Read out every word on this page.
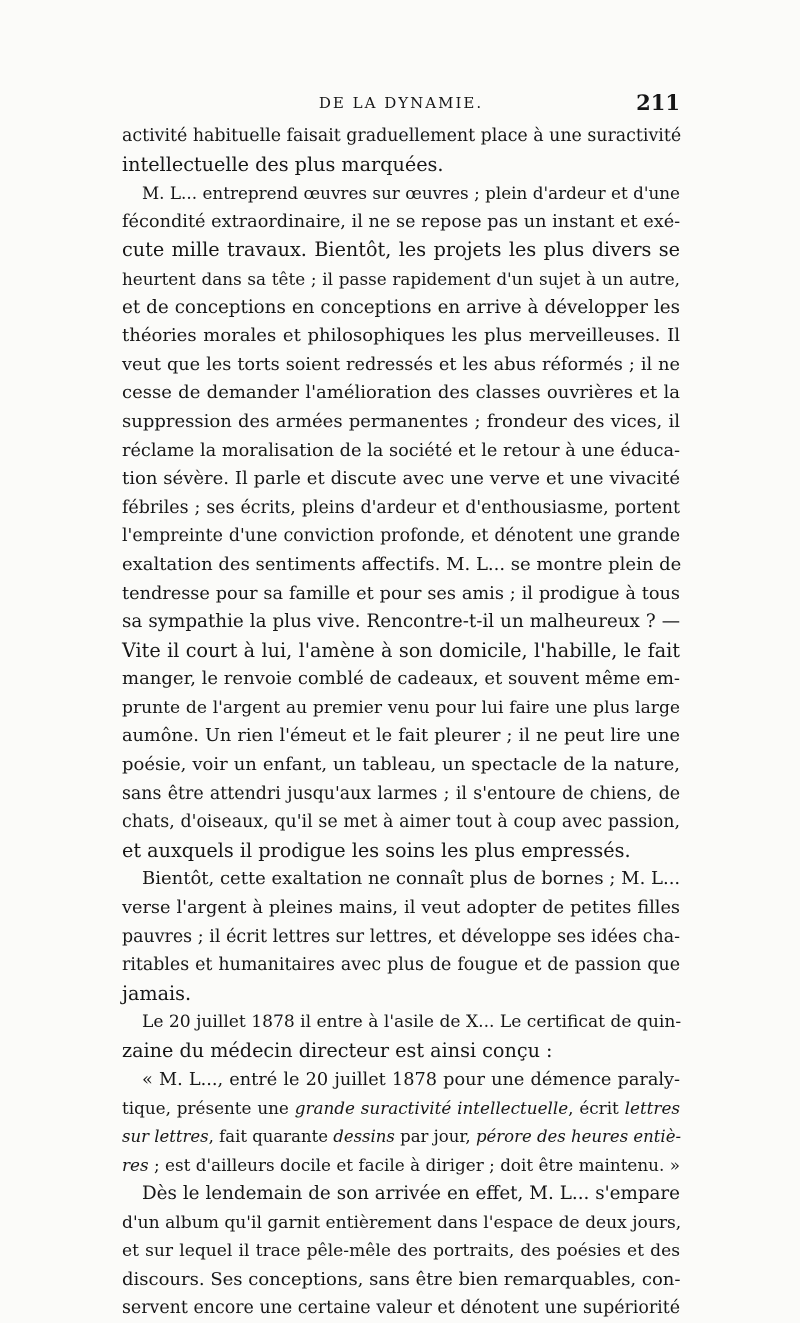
DE LA DYNAMIE.	211
activité habituelle faisait graduellement place à une suractivité
intellectuelle des plus marquées.
M. L... entreprend œuvres sur œuvres ; plein d'ardeur et d'une
fécondité extraordinaire, il ne se repose pas un instant et exé-
cute mille travaux. Bientôt, les projets les plus divers se
heurtent dans sa tête ; il passe rapidement d'un sujet à un autre,
et de conceptions en conceptions en arrive à développer les
théories morales et philosophiques les plus merveilleuses. Il
veut que les torts soient redressés et les abus réformés ; il ne
cesse de demander l'amélioration des classes ouvrières et la
suppression des armées permanentes ; frondeur des vices, il
réclame la moralisation de la société et le retour à une éduca-
tion sévère. Il parle et discute avec une verve et une vivacité
fébriles ; ses écrits, pleins d'ardeur et d'enthousiasme, portent
l'empreinte d'une conviction profonde, et dénotent une grande
exaltation des sentiments affectifs. M. L... se montre plein de
tendresse pour sa famille et pour ses amis ; il prodigue à tous
sa sympathie la plus vive. Rencontre-t-il un malheureux ? —
Vite il court à lui, l'amène à son domicile, l'habille, le fait
manger, le renvoie comblé de cadeaux, et souvent même em-
prunte de l'argent au premier venu pour lui faire une plus large
aumône. Un rien l'émeut et le fait pleurer ; il ne peut lire une
poésie, voir un enfant, un tableau, un spectacle de la nature,
sans être attendri jusqu'aux larmes ; il s'entoure de chiens, de
chats, d'oiseaux, qu'il se met à aimer tout à coup avec passion,
et auxquels il prodigue les soins les plus empressés.
Bientôt, cette exaltation ne connaît plus de bornes ; M. L...
verse l'argent à pleines mains, il veut adopter de petites filles
pauvres ; il écrit lettres sur lettres, et développe ses idées cha-
ritables et humanitaires avec plus de fougue et de passion que
jamais.
Le 20 juillet 1878 il entre à l'asile de X... Le certificat de quin-
zaine du médecin directeur est ainsi conçu :
« M. L..., entré le 20 juillet 1878 pour une démence paraly-
tique, présente une grande suractivité intellectuelle, écrit lettres
sur lettres, fait quarante dessins par jour, pérore des heures entiè-
res ; est d'ailleurs docile et facile à diriger ; doit être maintenu. »
Dès le lendemain de son arrivée en effet, M. L... s'empare
d'un album qu'il garnit entièrement dans l'espace de deux jours,
et sur lequel il trace pêle-mêle des portraits, des poésies et des
discours. Ses conceptions, sans être bien remarquables, con-
servent encore une certaine valeur et dénotent une supériorité
